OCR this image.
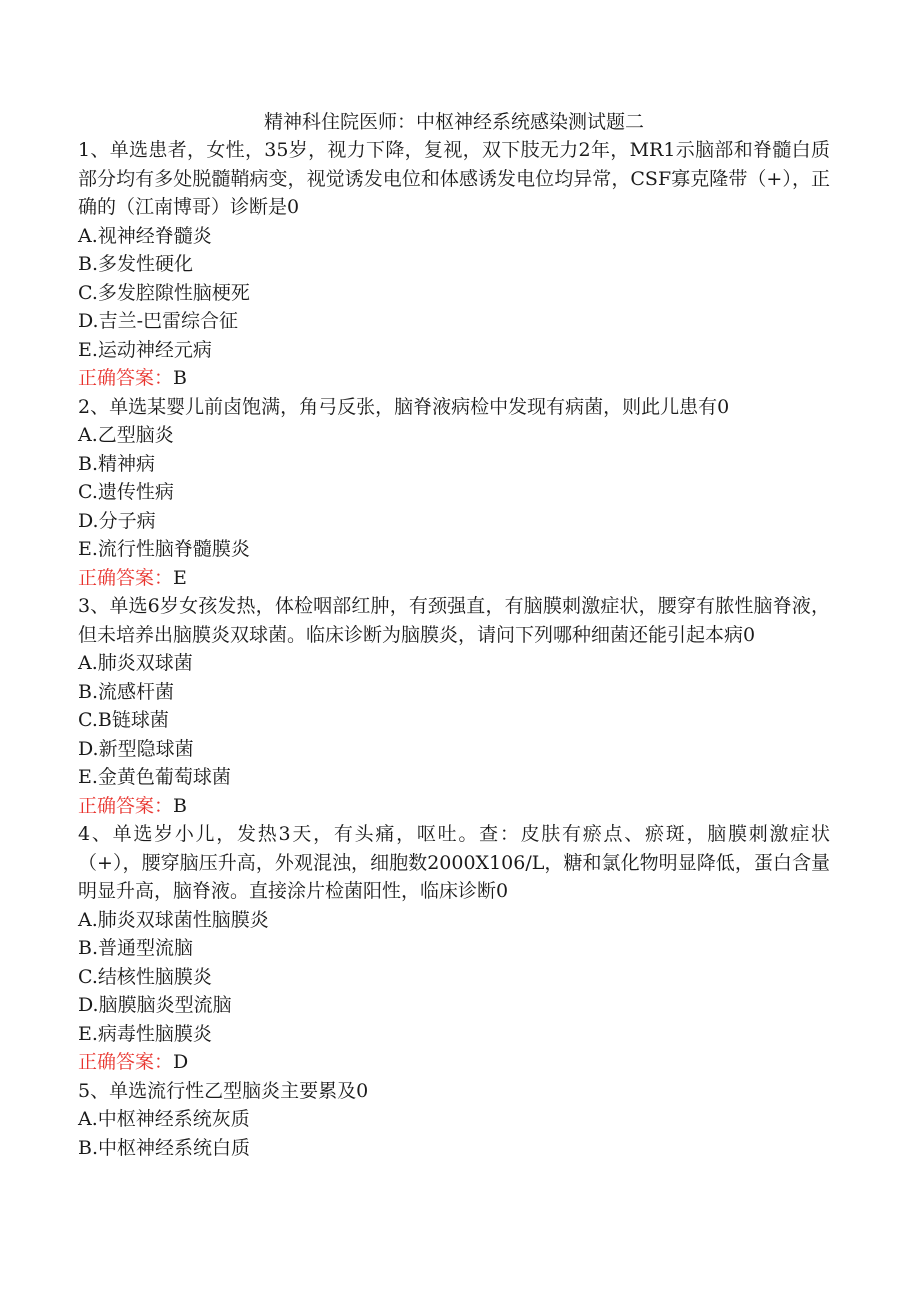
精神科住院医师：中枢神经系统感染测试题二

1、单选患者，女性，35岁，视力下降，复视，双下肢无力2年，MR1示脑部和脊髓白质部分均有多处脱髓鞘病变，视觉诱发电位和体感诱发电位均异常，CSF寡克隆带（+），正确的（江南博哥）诊断是0

A.视神经脊髓炎

B.多发性硬化

C.多发腔隙性脑梗死

D.吉兰-巴雷综合征

E.运动神经元病

正确答案：B

2、单选某婴儿前卤饱满，角弓反张，脑脊液病检中发现有病菌，则此儿患有0

A.乙型脑炎

B.精神病

C.遗传性病

D.分子病

E.流行性脑脊髓膜炎

正确答案：E

3、单选6岁女孩发热，体检咽部红肿，有颈强直，有脑膜刺激症状，腰穿有脓性脑脊液，但未培养出脑膜炎双球菌。临床诊断为脑膜炎，请问下列哪种细菌还能引起本病0

A.肺炎双球菌

B.流感杆菌

C.B链球菌

D.新型隐球菌

E.金黄色葡萄球菌

正确答案：B

4、单选岁小儿，发热3天，有头痛，呕吐。查：皮肤有瘀点、瘀斑，脑膜刺激症状（+），腰穿脑压升高，外观混浊，细胞数2000X106/L，糖和氯化物明显降低，蛋白含量明显升高，脑脊液。直接涂片检菌阳性，临床诊断0

A.肺炎双球菌性脑膜炎

B.普通型流脑

C.结核性脑膜炎

D.脑膜脑炎型流脑

E.病毒性脑膜炎

正确答案：D

5、单选流行性乙型脑炎主要累及0

A.中枢神经系统灰质

B.中枢神经系统白质
